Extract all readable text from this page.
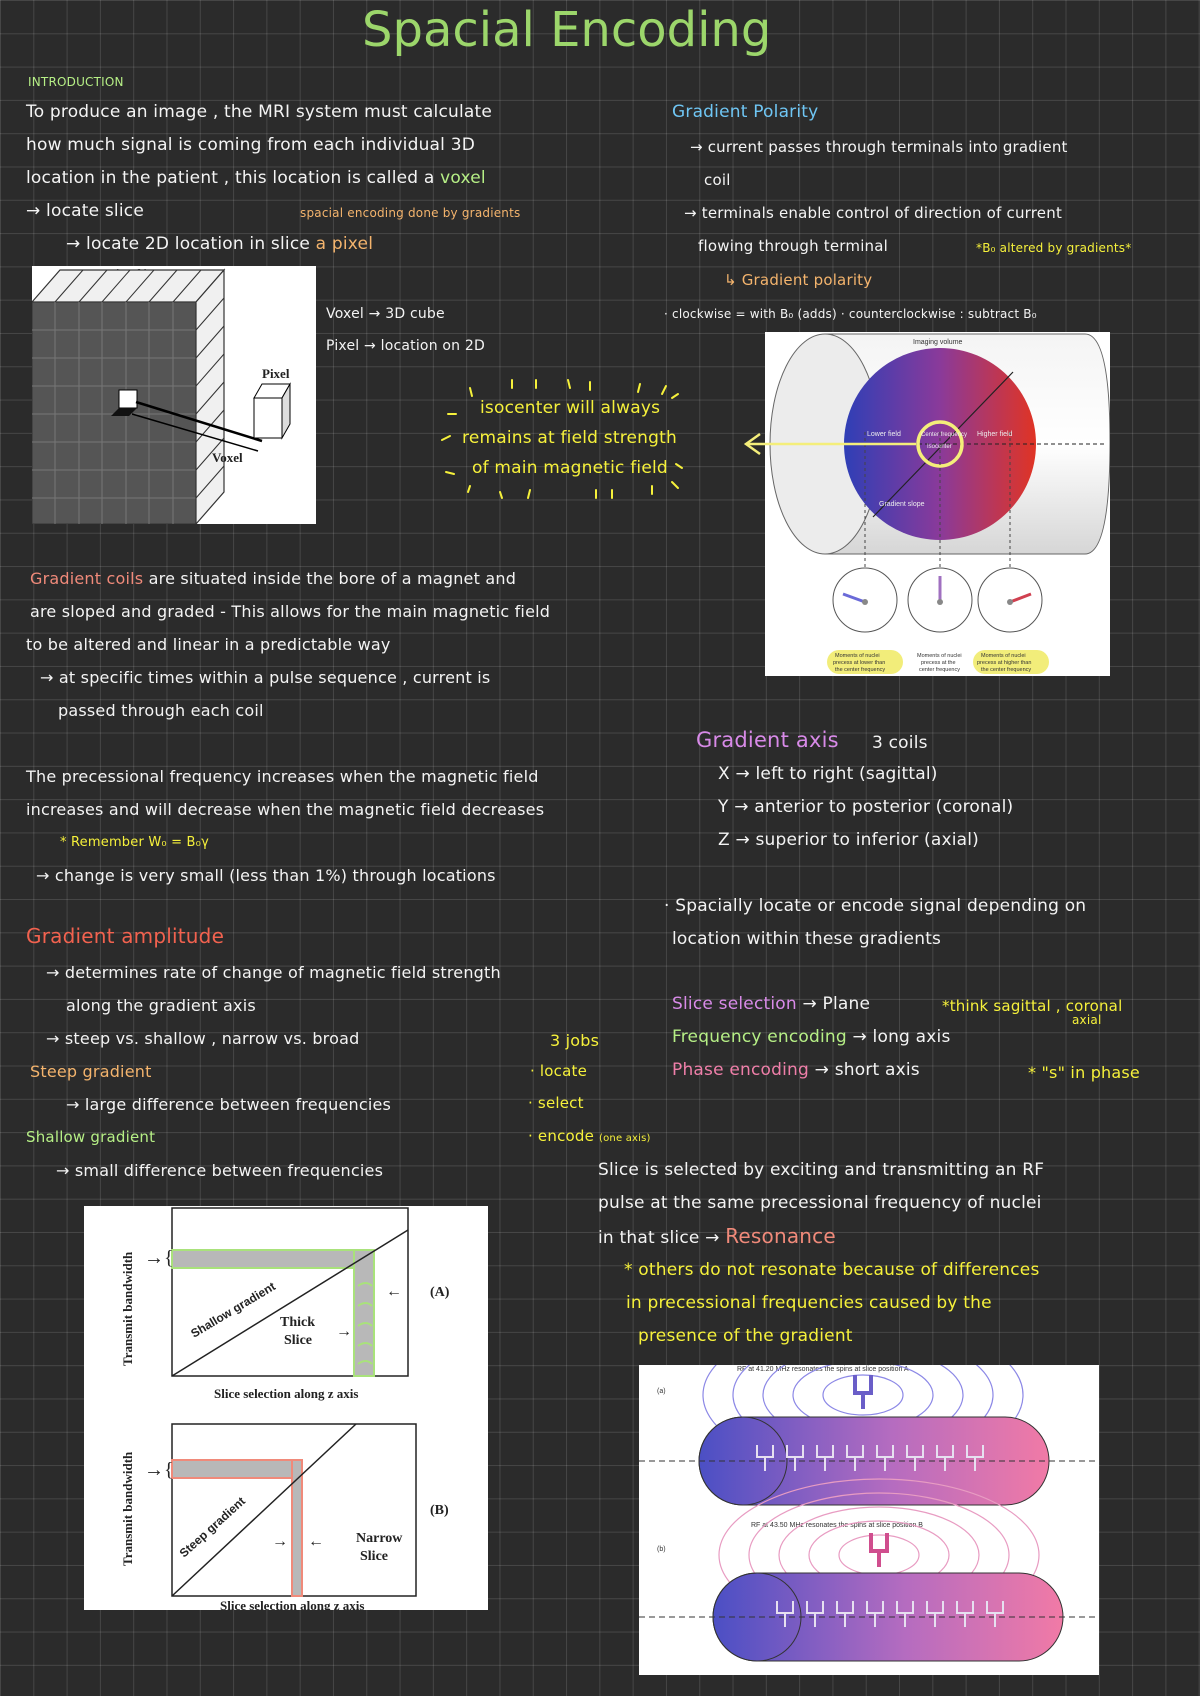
Spacial Encoding
INTRODUCTION
To produce an image , the MRI system must calculate
how much signal is coming from each individual 3D
location in the patient , this location is called a voxel
→ locate slice	spacial encoding done by gradients
→ locate 2D location in slice a pixel
Pixel
Voxel
Voxel → 3D cube
Pixel → location on 2D
isocenter will always
remains at field strength
of main magnetic field
Gradient coils are situated inside the bore of a magnet and
are sloped and graded - This allows for the main magnetic field
to be altered and linear in a predictable way
→ at specific times within a pulse sequence , current is
passed through each coil
The precessional frequency increases when the magnetic field
increases and will decrease when the magnetic field decreases
* Remember W₀ = B₀γ
→ change is very small (less than 1%) through locations
Gradient amplitude
→ determines rate of change of magnetic field strength
along the gradient axis
→ steep vs. shallow , narrow vs. broad
Steep gradient
→ large difference between frequencies
Shallow gradient
→ small difference between frequencies
3 jobs
· locate
· select
· encode (one axis)
Transmit bandwidth →{
←
→
Shallow gradient Thick
Slice
(A)
Slice selection along z axis
Transmit bandwidth →{
→ ←
Steep gradient	Narrow
Slice
(B)
Slice selection along z axis
Gradient Polarity
→ current passes through terminals into gradient
coil
→ terminals enable control of direction of current
flowing through terminal	*B₀ altered by gradients*
↳ Gradient polarity
· clockwise = with B₀ (adds) · counterclockwise : subtract B₀
Imaging volume
Lower field	Higher field
Center frequency
Isocenter
Gradient slope
Moments of nuclei
precess at lower than
the center frequency
Moments of nuclei
precess at the
center frequency
Moments of nuclei
precess at higher than
the center frequency
Gradient axis 3 coils
X → left to right (sagittal)
Y → anterior to posterior (coronal)
Z → superior to inferior (axial)
· Spacially locate or encode signal depending on
location within these gradients
Slice selection → Plane	*think sagittal , coronal
axial
Frequency encoding → long axis
Phase encoding → short axis	* "s" in phase
Slice is selected by exciting and transmitting an RF
pulse at the same precessional frequency of nuclei
in that slice → Resonance
* others do not resonate because of differences
in precessional frequencies caused by the
presence of the gradient
RF at 41.20 MHz resonates the spins at slice position A
(a)
RF at 43.50 MHz resonates the spins at slice position B
(b)
